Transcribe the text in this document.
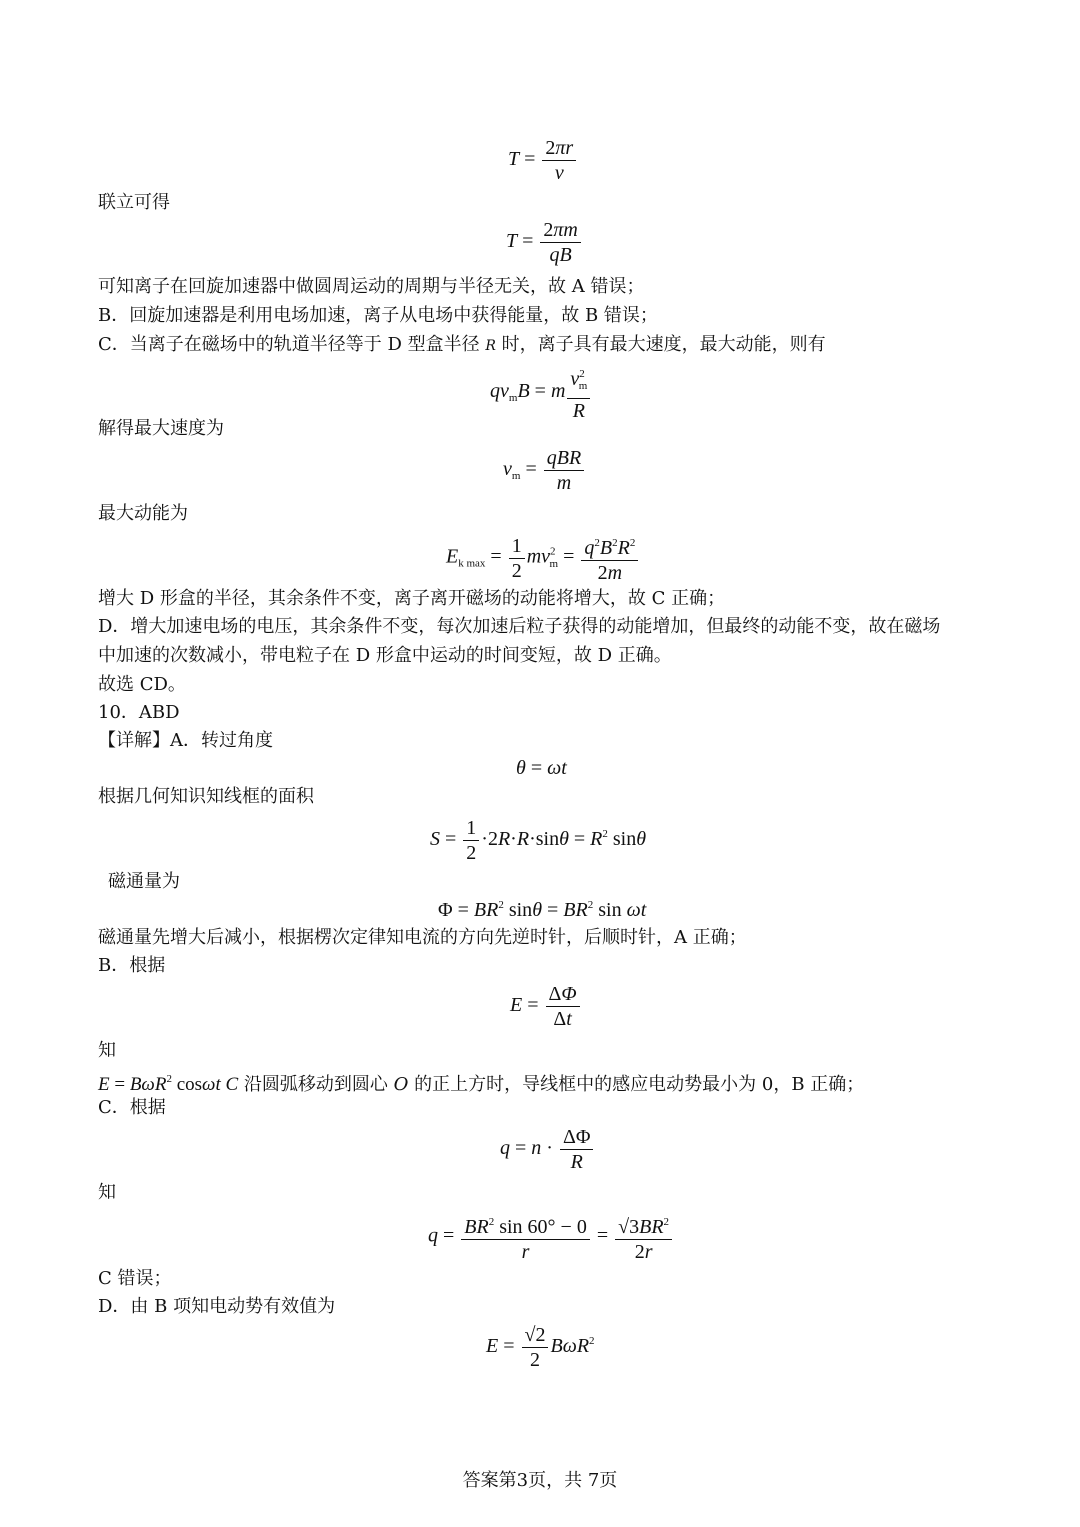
$T = \frac{2\pi r}{v}$
联立可得
$T = \frac{2\pi m}{qB}$
可知离子在回旋加速器中做圆周运动的周期与半径无关，故 A 错误；
B．回旋加速器是利用电场加速，离子从电场中获得能量，故 B 错误；
C．当离子在磁场中的轨道半径等于 D 型盒半径 R 时，离子具有最大速度，最大动能，则有
$qv_mB = m \frac{v^2_m}{R}$
解得最大速度为
$v_m = \frac{\text{qBR}}{m}$
最大动能为
$E_{k max} = \frac{1}{2} mv^2_m = \frac{q^2B^2R^2}{2m}$
增大 D 形盒的半径，其余条件不变，离子离开磁场的动能将增大，故 C 正确；
D．增大加速电场的电压，其余条件不变，每次加速后粒子获得的动能增加，但最终的动能不变，故在磁场
中加速的次数减小，带电粒子在 D 形盒中运动的时间变短，故 D 正确。
故选 CD。
10．ABD
【详解】A．转过角度
θ = ωt
根据几何知识知线框的面积
$S = \frac{1}{2} \cdot 2R\cdot R\cdot\sin\theta = R^2$ sinθ
磁通量为
$\Phi = BR^2$ $\sin\theta = BR^2$ sin ωt
磁通量先增大后减小，根据楞次定律知电流的方向先逆时针，后顺时针，A 正确；
B．根据
$E = \frac{\Delta\Phi}{\Delta t}$
知
E = BωR$^2$ cosωt C 沿圆弧移动到圆心 O 的正上方时，导线框中的感应电动势最小为 0，B 正确；
C．根据
$q = n \cdot \frac{\Delta\Phi}{R}$
知
$q = \frac{BR^2 \sin 60^\circ - 0}{r} = \frac{√3BR^2}{2r}$
C 错误；
D．由 B 项知电动势有效值为
$E = \frac{√2}{2} B\omega R^2$
答案第3页，共 7页
